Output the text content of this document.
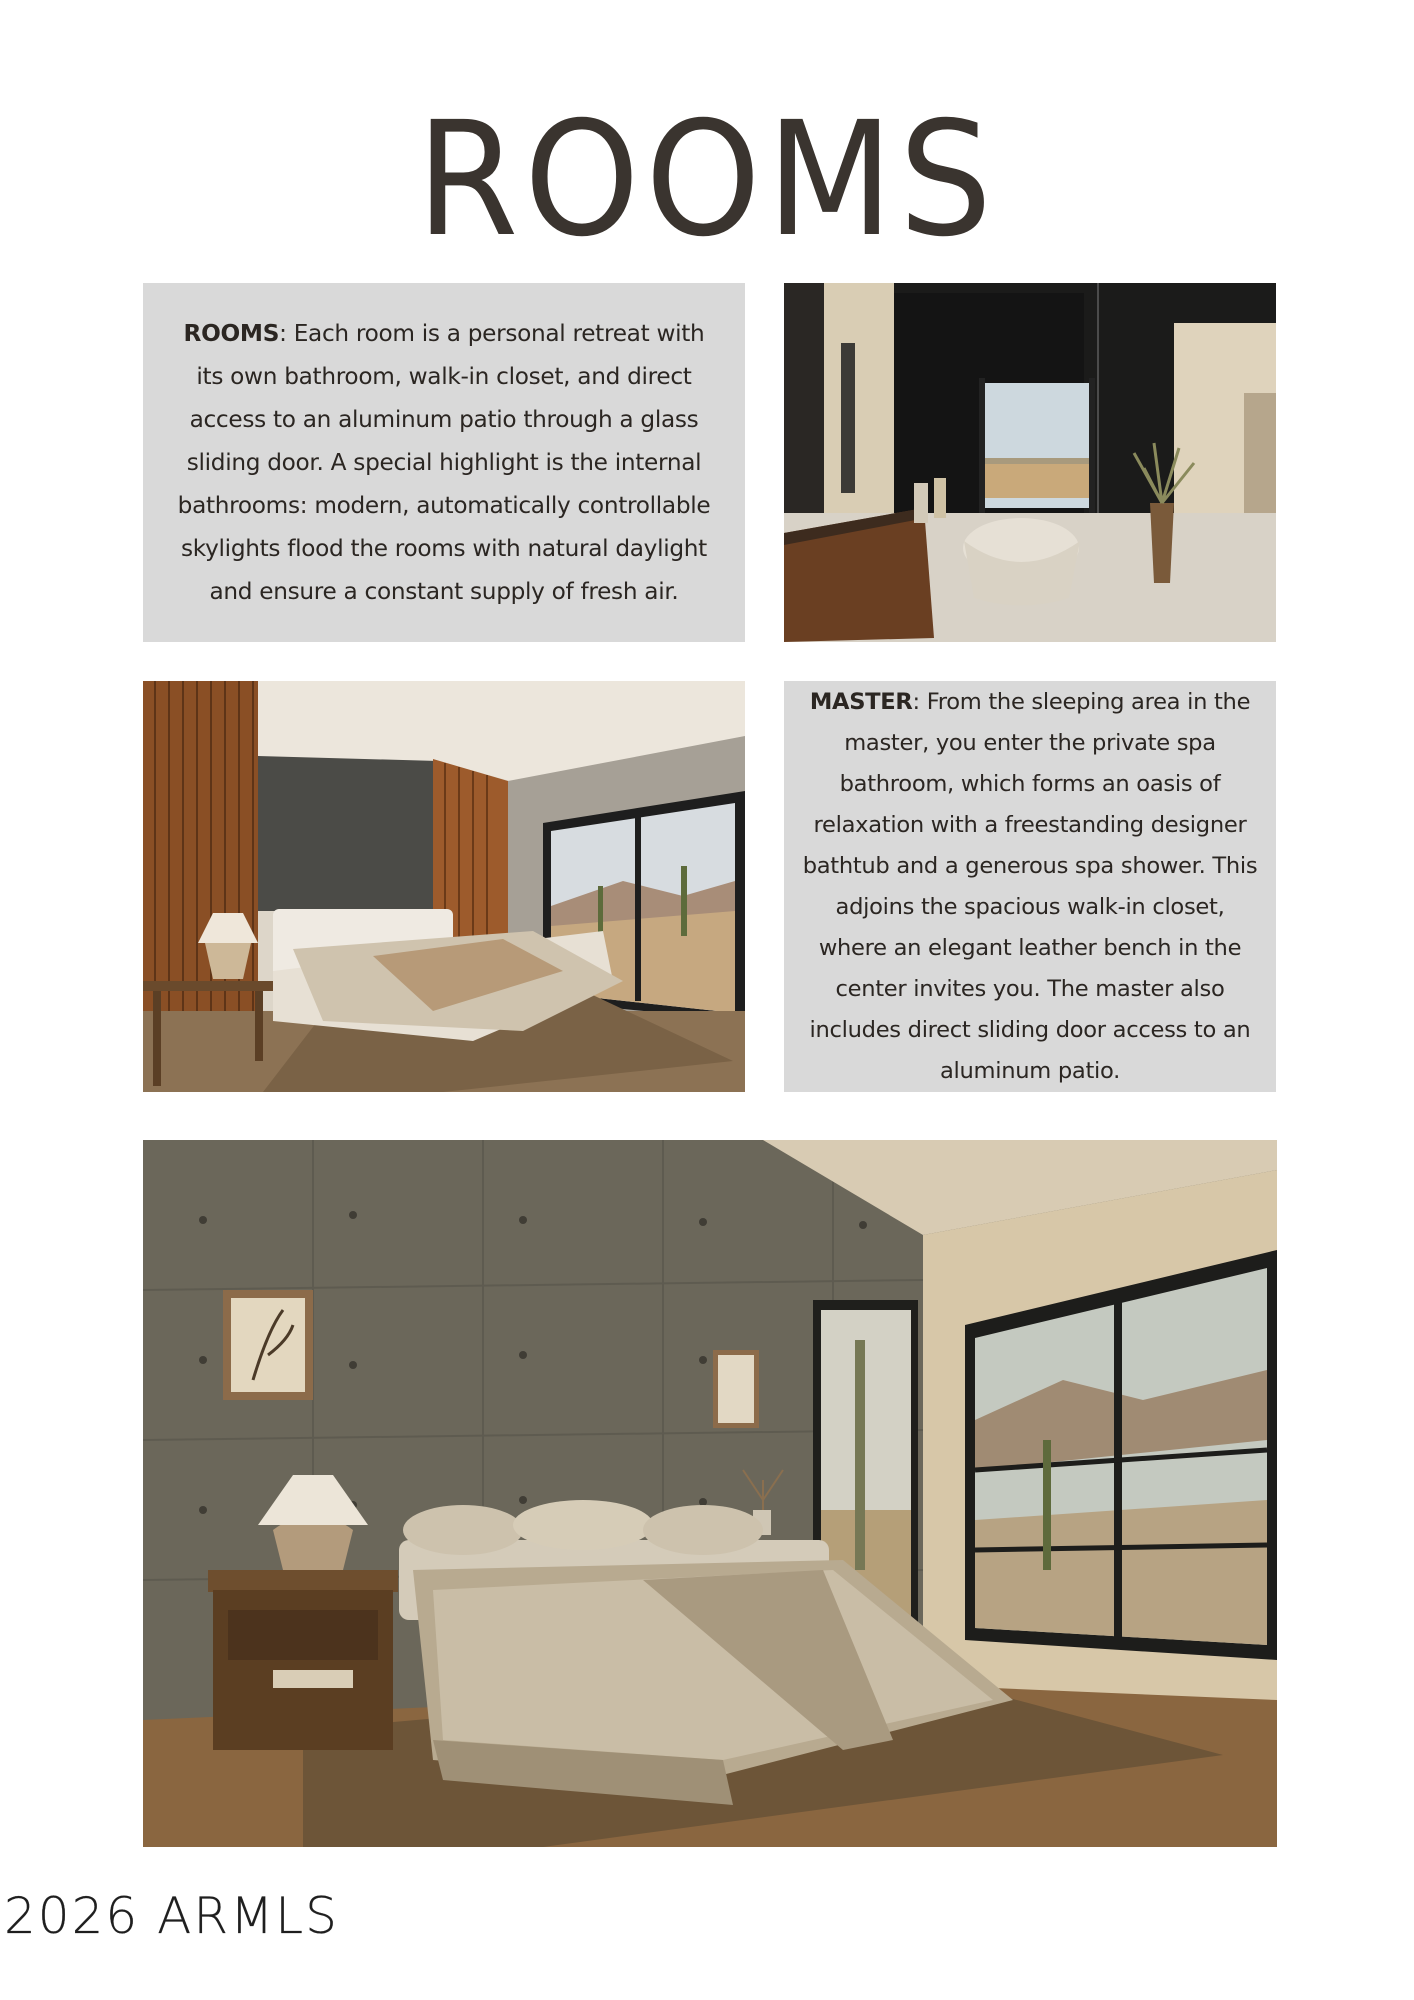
ROOMS

ROOMS: Each room is a personal retreat with its own bathroom, walk-in closet, and direct access to an aluminum patio through a glass sliding door. A special highlight is the internal bathrooms: modern, automatically controllable skylights flood the rooms with natural daylight and ensure a constant supply of fresh air.

MASTER: From the sleeping area in the master, you enter the private spa bathroom, which forms an oasis of relaxation with a freestanding designer bathtub and a generous spa shower. This adjoins the spacious walk-in closet, where an elegant leather bench in the center invites you. The master also includes direct sliding door access to an aluminum patio.

2026 ARMLS
